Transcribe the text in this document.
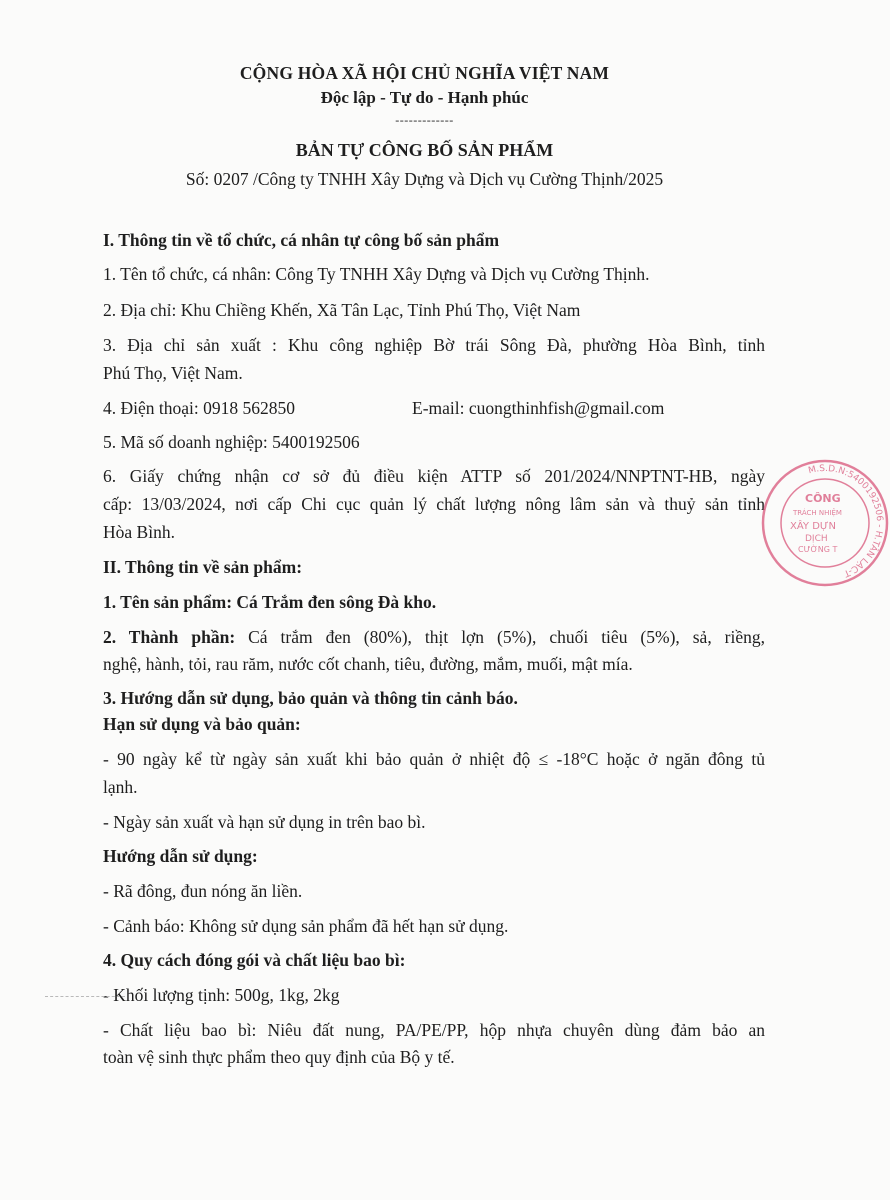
CỘNG HÒA XÃ HỘI CHỦ NGHĨA VIỆT NAM
Độc lập - Tự do - Hạnh phúc
-------------
BẢN TỰ CÔNG BỐ SẢN PHẨM
Số: 0207 /Công ty TNHH Xây Dựng và Dịch vụ Cường Thịnh/2025
I. Thông tin về tổ chức, cá nhân tự công bố sản phẩm
1. Tên tổ chức, cá nhân: Công Ty TNHH Xây Dựng và Dịch vụ Cường Thịnh.
2. Địa chỉ: Khu Chiềng Khến, Xã Tân Lạc, Tỉnh Phú Thọ, Việt Nam
3. Địa chỉ sản xuất : Khu công nghiệp Bờ trái Sông Đà, phường Hòa Bình, tỉnh
Phú Thọ, Việt Nam.
4. Điện thoại: 0918 562850	E-mail: cuongthinhfish@gmail.com
5. Mã số doanh nghiệp: 5400192506
6. Giấy chứng nhận cơ sở đủ điều kiện ATTP số 201/2024/NNPTNT-HB, ngày
cấp: 13/03/2024, nơi cấp Chi cục quản lý chất lượng nông lâm sản và thuỷ sản tỉnh
Hòa Bình.
II. Thông tin về sản phẩm:
1. Tên sản phẩm: Cá Trắm đen sông Đà kho.
2. Thành phần: Cá trắm đen (80%), thịt lợn (5%), chuối tiêu (5%), sả, riềng,
nghệ, hành, tỏi, rau răm, nước cốt chanh, tiêu, đường, mắm, muối, mật mía.
3. Hướng dẫn sử dụng, bảo quản và thông tin cảnh báo.
Hạn sử dụng và bảo quản:
- 90 ngày kể từ ngày sản xuất khi bảo quản ở nhiệt độ ≤ -18°C hoặc ở ngăn đông tủ
lạnh.
- Ngày sản xuất và hạn sử dụng in trên bao bì.
Hướng dẫn sử dụng:
- Rã đông, đun nóng ăn liền.
- Cảnh báo: Không sử dụng sản phẩm đã hết hạn sử dụng.
4. Quy cách đóng gói và chất liệu bao bì:
- Khối lượng tịnh: 500g, 1kg, 2kg
- Chất liệu bao bì: Niêu đất nung, PA/PE/PP, hộp nhựa chuyên dùng đảm bảo an
toàn vệ sinh thực phẩm theo quy định của Bộ y tế.
M.S.D.N:5400192506 - H.TÂN LẠC-T
CÔNG
TRÁCH NHIỆM
XÂY DỰN
DỊCH
CƯỜNG T
